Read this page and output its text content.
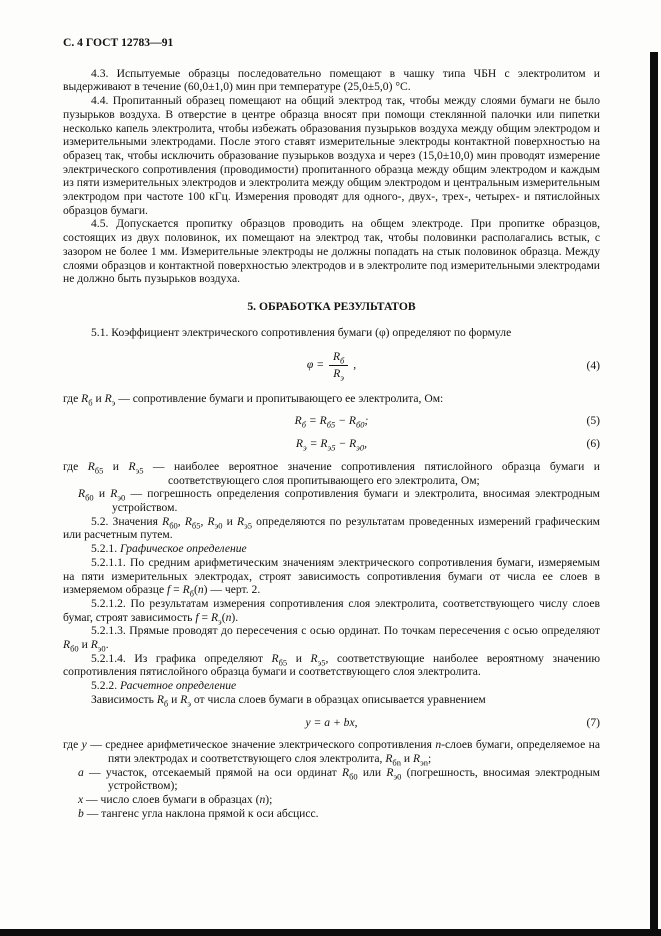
С. 4 ГОСТ 12783—91

4.3. Испытуемые образцы последовательно помещают в чашку типа ЧБН с электролитом и выдерживают в течение (60,0±1,0) мин при температуре (25,0±5,0) °С.

4.4. Пропитанный образец помещают на общий электрод так, чтобы между слоями бумаги не было пузырьков воздуха. В отверстие в центре образца вносят при помощи стеклянной палочки или пипетки несколько капель электролита, чтобы избежать образования пузырьков воздуха между общим электродом и измерительными электродами. После этого ставят измерительные электроды контактной поверхностью на образец так, чтобы исключить образование пузырьков воздуха и через (15,0±10,0) мин проводят измерение электрического сопротивления (проводимости) пропитанного образца между общим электродом и каждым из пяти измерительных электродов и электролита между общим электродом и центральным измерительным электродом при частоте 100 кГц. Измерения проводят для одного-, двух-, трех-, четырех- и пятислойных образцов бумаги.

4.5. Допускается пропитку образцов проводить на общем электроде. При пропитке образцов, состоящих из двух половинок, их помещают на электрод так, чтобы половинки располагались встык, с зазором не более 1 мм. Измерительные электроды не должны попадать на стык половинок образца. Между слоями образцов и контактной поверхностью электродов и в электролите под измерительными электродами не должно быть пузырьков воздуха.

5. ОБРАБОТКА РЕЗУЛЬТАТОВ

5.1. Коэффициент электрического сопротивления бумаги (φ) определяют по формуле

$\varphi = \frac{R_б}{R_э}$ ,	(4)
где $R_б$ и $R_э$ — сопротивление бумаги и пропитывающего ее электролита, Ом:
$R_б = R_{б5} - R_{б0}$;	(5)
$R_э = R_{э5} - R_{э0}$,	(6)
где $R_{б5}$ и $R_{э5}$ — наиболее вероятное значение сопротивления пятислойного образца бумаги и соответствующего слоя пропитывающего его электролита, Ом;
$R_{б0}$ и $R_{э0}$ — погрешность определения сопротивления бумаги и электролита, вносимая электродным устройством.

5.2. Значения $R_{б0}$, $R_{б5}$, $R_{э0}$ и $R_{э5}$ определяются по результатам проведенных измерений графическим или расчетным путем.

5.2.1. Графическое определение

5.2.1.1. По средним арифметическим значениям электрического сопротивления бумаги, измеряемым на пяти измерительных электродах, строят зависимость сопротивления бумаги от числа ее слоев в измеряемом образце $f = R_б(n)$ — черт. 2.

5.2.1.2. По результатам измерения сопротивления слоя электролита, соответствующего числу слоев бумаг, строят зависимость $f = R_э(n)$.

5.2.1.3. Прямые проводят до пересечения с осью ординат. По точкам пересечения с осью определяют $R_{б0}$ и $R_{э0}$.

5.2.1.4. Из графика определяют $R_{б5}$ и $R_{э5}$, соответствующие наиболее вероятному значению сопротивления пятислойного образца бумаги и соответствующего слоя электролита.

5.2.2. Расчетное определение

Зависимость $R_б$ и $R_э$ от числа слоев бумаги в образцах описывается уравнением

y = a + bx,	(7)
где y — среднее арифметическое значение электрического сопротивления n-слоев бумаги, определяемое на пяти электродах и соответствующего слоя электролита, $R_{бn}$ и $R_{эn}$;
a — участок, отсекаемый прямой на оси ординат $R_{б0}$ или $R_{э0}$ (погрешность, вносимая электродным устройством);
x — число слоев бумаги в образцах (n);
b — тангенс угла наклона прямой к оси абсцисс.
